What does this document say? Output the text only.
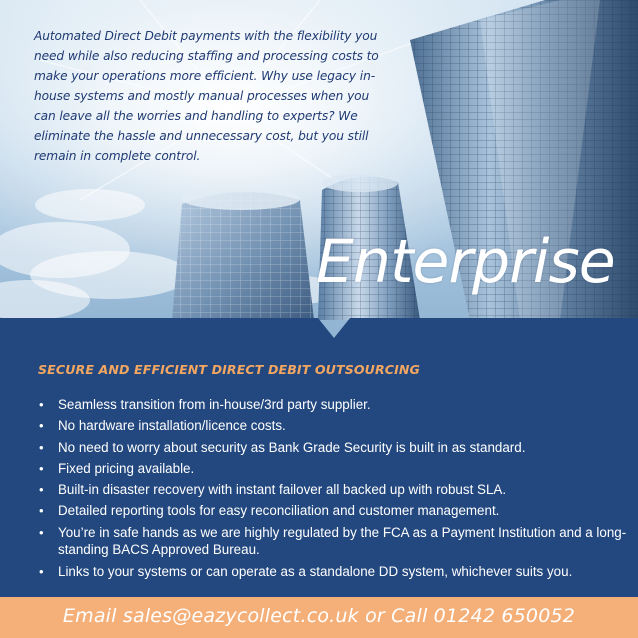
Automated Direct Debit payments with the flexibility you need while also reducing staffing and processing costs to make your operations more efficient. Why use legacy in-house systems and mostly manual processes when you can leave all the worries and handling to experts? We eliminate the hassle and unnecessary cost, but you still remain in complete control.

Enterprise
SECURE AND EFFICIENT DIRECT DEBIT OUTSOURCING
• Seamless transition from in-house/3rd party supplier.
• No hardware installation/licence costs.
• No need to worry about security as Bank Grade Security is built in as standard.
• Fixed pricing available.
• Built-in disaster recovery with instant failover all backed up with robust SLA.
• Detailed reporting tools for easy reconciliation and customer management.
• You’re in safe hands as we are highly regulated by the FCA as a Payment Institution and a long-standing BACS Approved Bureau.
• Links to your systems or can operate as a standalone DD system, whichever suits you.

Email sales@eazycollect.co.uk or Call 01242 650052
